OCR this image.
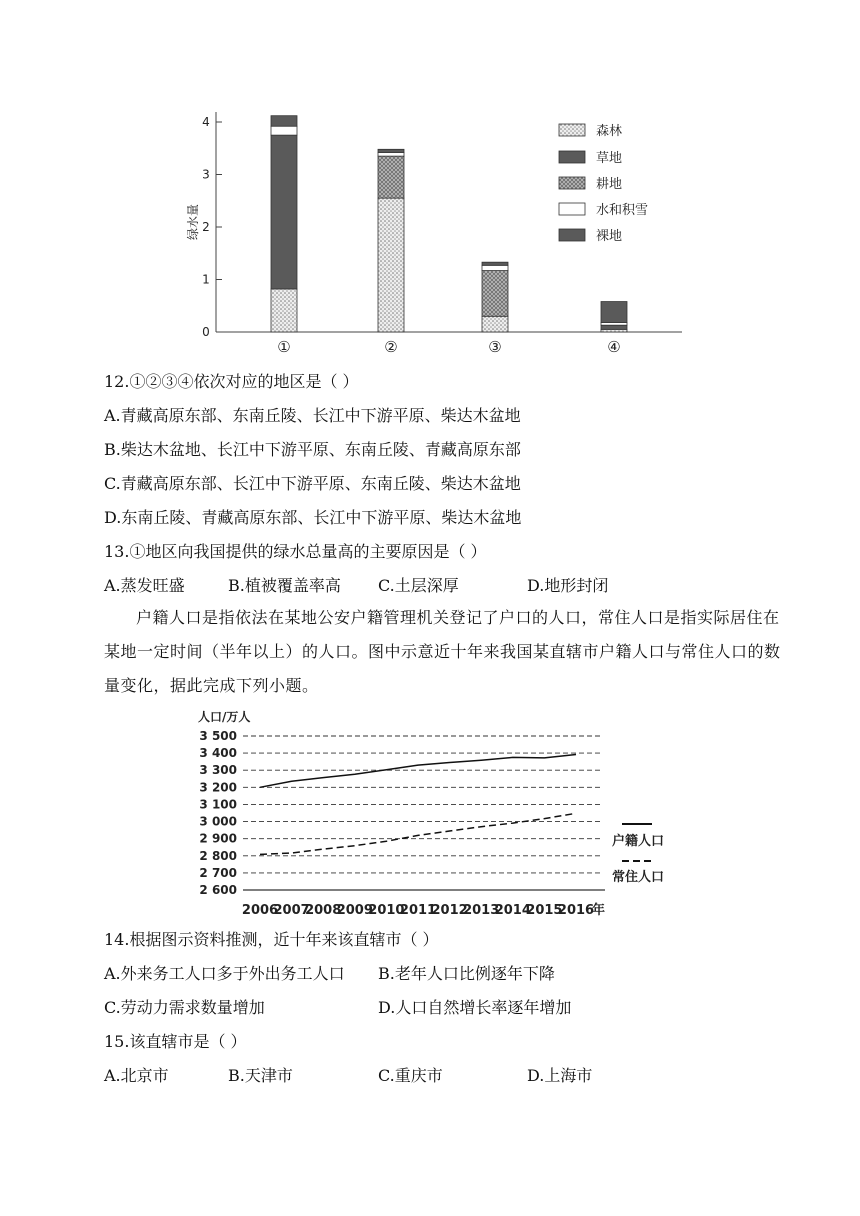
0
1
2
3
4
①	②	③	④
绿水量
森林
草地
耕地
水和积雪
裸地
12.①②③④依次对应的地区是（ ）
A.青藏高原东部、东南丘陵、长江中下游平原、柴达木盆地
B.柴达木盆地、长江中下游平原、东南丘陵、青藏高原东部
C.青藏高原东部、长江中下游平原、东南丘陵、柴达木盆地
D.东南丘陵、青藏高原东部、长江中下游平原、柴达木盆地
13.①地区向我国提供的绿水总量高的主要原因是（ ）
A.蒸发旺盛	B.植被覆盖率高 C.土层深厚	D.地形封闭
户籍人口是指依法在某地公安户籍管理机关登记了户口的人口，常住人口是指实际居住在某地一定时间（半年以上）的人口。图中示意近十年来我国某直辖市户籍人口与常住人口的数量变化，据此完成下列小题。
人口/万人
2 600
2 700
2 800
2 900
3 000
3 100
3 200
3 300
3 400
3 500
2006
2007
2008
2009
2010
2011
2012
2013
2014
2015
2016
年
户籍人口
常住人口
14.根据图示资料推测，近十年来该直辖市（ ）
A.外来务工人口多于外出务工人口 B.老年人口比例逐年下降
C.劳动力需求数量增加	D.人口自然增长率逐年增加
15.该直辖市是（ ）
A.北京市	B.天津市	C.重庆市	D.上海市
